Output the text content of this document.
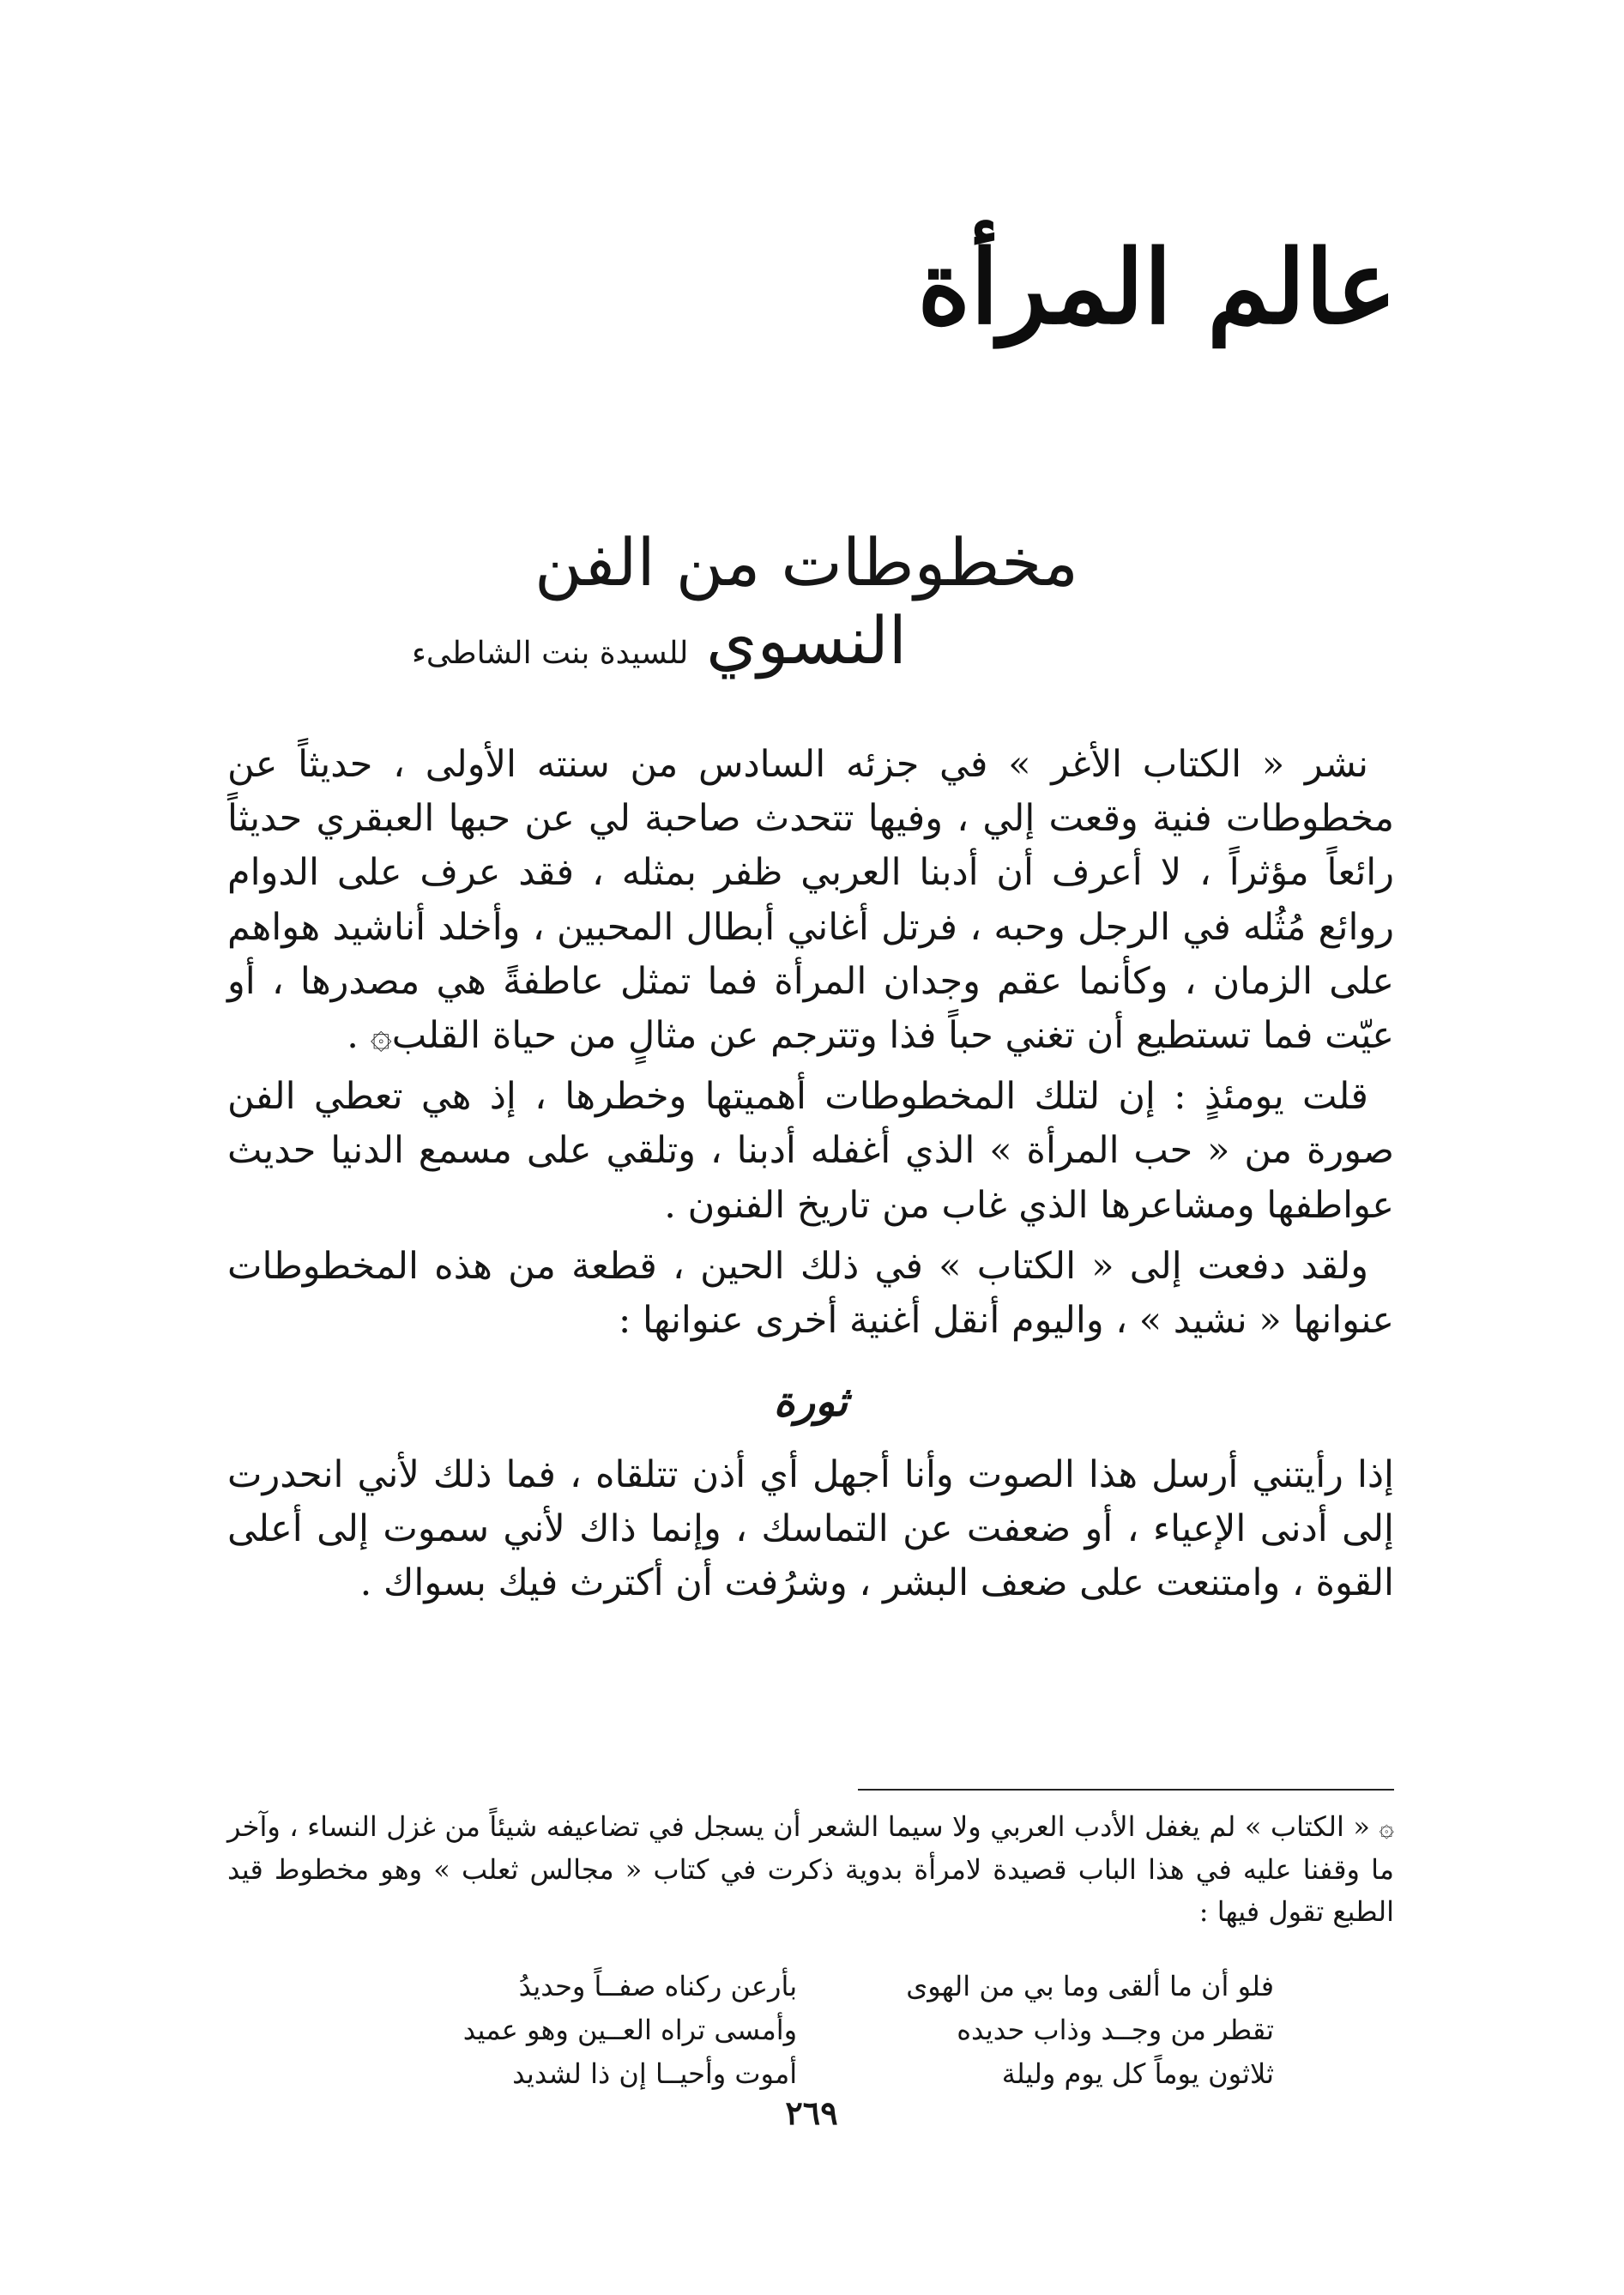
عالم المرأة
مخطوطات من الفن النسوي
للسيدة بنت الشاطىء

نشر « الكتاب الأغر » في جزئه السادس من سنته الأولى ، حديثاً عن مخطوطات فنية وقعت إلي ، وفيها تتحدث صاحبة لي عن حبها العبقري حديثاً رائعاً مؤثراً ، لا أعرف أن أدبنا العربي ظفر بمثله ، فقد عرف على الدوام روائع مُثُله في الرجل وحبه ، فرتل أغاني أبطال المحبين ، وأخلد أناشيد هواهم على الزمان ، وكأنما عقم وجدان المرأة فما تمثل عاطفةً هي مصدرها ، أو عيّت فما تستطيع أن تغني حباً فذا وتترجم عن مثالٍ من حياة القلب۞ .

قلت يومئذٍ : إن لتلك المخطوطات أهميتها وخطرها ، إذ هي تعطي الفن صورة من « حب المرأة » الذي أغفله أدبنا ، وتلقي على مسمع الدنيا حديث عواطفها ومشاعرها الذي غاب من تاريخ الفنون .

ولقد دفعت إلى « الكتاب » في ذلك الحين ، قطعة من هذه المخطوطات عنوانها « نشيد » ، واليوم أنقل أغنية أخرى عنوانها :

ثورة

إذا رأيتني أرسل هذا الصوت وأنا أجهل أي أذن تتلقاه ، فما ذلك لأني انحدرت إلى أدنى الإعياء ، أو ضعفت عن التماسك ، وإنما ذاك لأني سموت إلى أعلى القوة ، وامتنعت على ضعف البشر ، وشرُفت أن أكترث فيك بسواك .

۞ « الكتاب » لم يغفل الأدب العربي ولا سيما الشعر أن يسجل في تضاعيفه شيئاً من غزل النساء ، وآخر ما وقفنا عليه في هذا الباب قصيدة لامرأة بدوية ذكرت في كتاب « مجالس ثعلب » وهو مخطوط قيد الطبع تقول فيها :

فلو أن ما ألقى وما بي من الهوى
بأرعن ركناه صفــاً وحديدُ
تقطر من وجــد وذاب حديده
وأمسى تراه العــين وهو عميد
ثلاثون يوماً كل يوم وليلة
أموت وأحيــا إن ذا لشديد
٢٦٩
